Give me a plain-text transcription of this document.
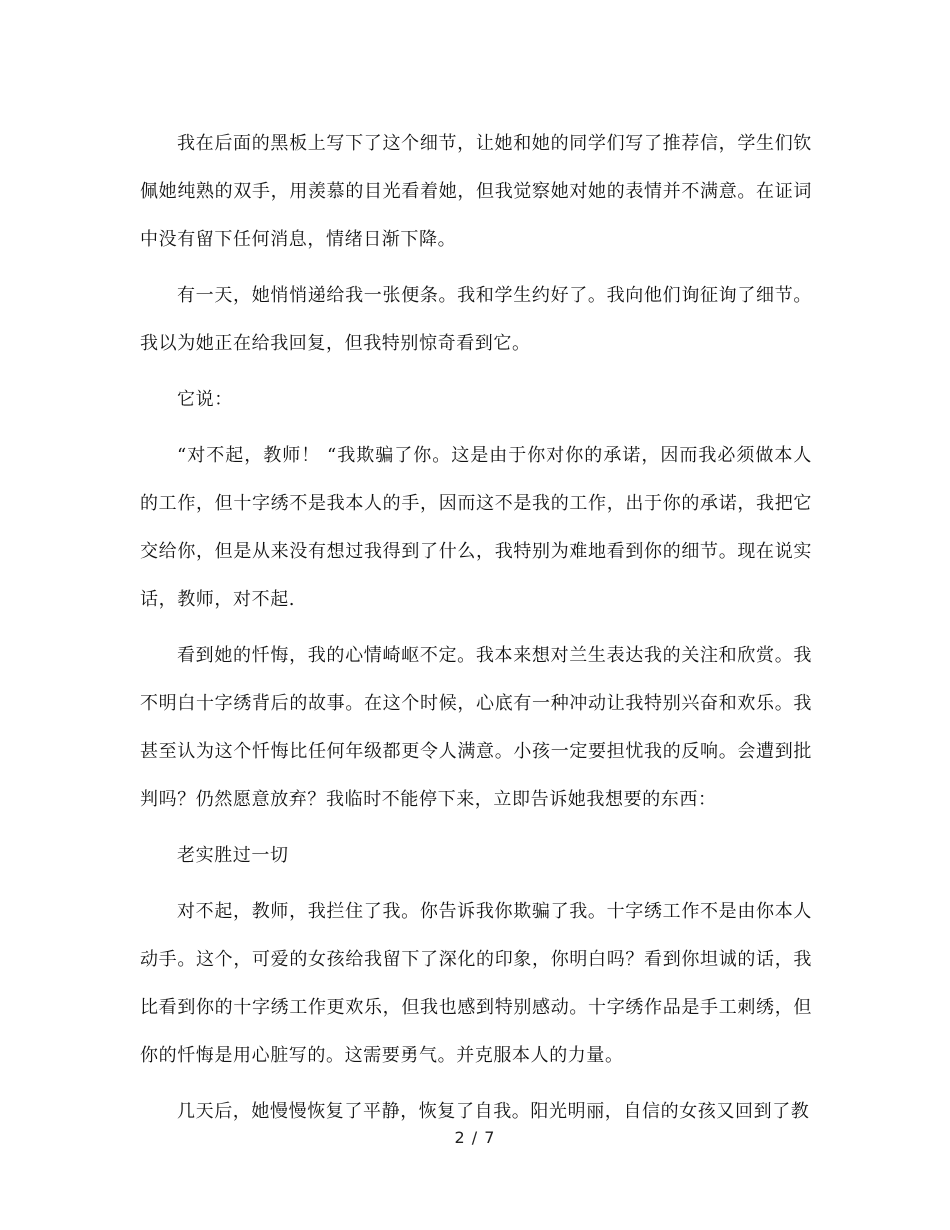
我在后面的黑板上写下了这个细节，让她和她的同学们写了推荐信，学生们钦佩她纯熟的双手，用羡慕的目光看着她，但我觉察她对她的表情并不满意。在证词中没有留下任何消息，情绪日渐下降。

有一天，她悄悄递给我一张便条。我和学生约好了。我向他们询征询了细节。我以为她正在给我回复，但我特别惊奇看到它。

它说：

“对不起，教师！ “我欺骗了你。这是由于你对你的承诺，因而我必须做本人的工作，但十字绣不是我本人的手，因而这不是我的工作，出于你的承诺，我把它交给你，但是从来没有想过我得到了什么，我特别为难地看到你的细节。现在说实话，教师，对不起.

看到她的忏悔，我的心情崎岖不定。我本来想对兰生表达我的关注和欣赏。我不明白十字绣背后的故事。在这个时候，心底有一种冲动让我特别兴奋和欢乐。我甚至认为这个忏悔比任何年级都更令人满意。小孩一定要担忧我的反响。会遭到批判吗？仍然愿意放弃？我临时不能停下来，立即告诉她我想要的东西：

老实胜过一切

对不起，教师，我拦住了我。你告诉我你欺骗了我。十字绣工作不是由你本人动手。这个，可爱的女孩给我留下了深化的印象，你明白吗？看到你坦诚的话，我比看到你的十字绣工作更欢乐，但我也感到特别感动。十字绣作品是手工刺绣，但你的忏悔是用心脏写的。这需要勇气。并克服本人的力量。

几天后，她慢慢恢复了平静，恢复了自我。阳光明丽，自信的女孩又回到了教

2 / 7
